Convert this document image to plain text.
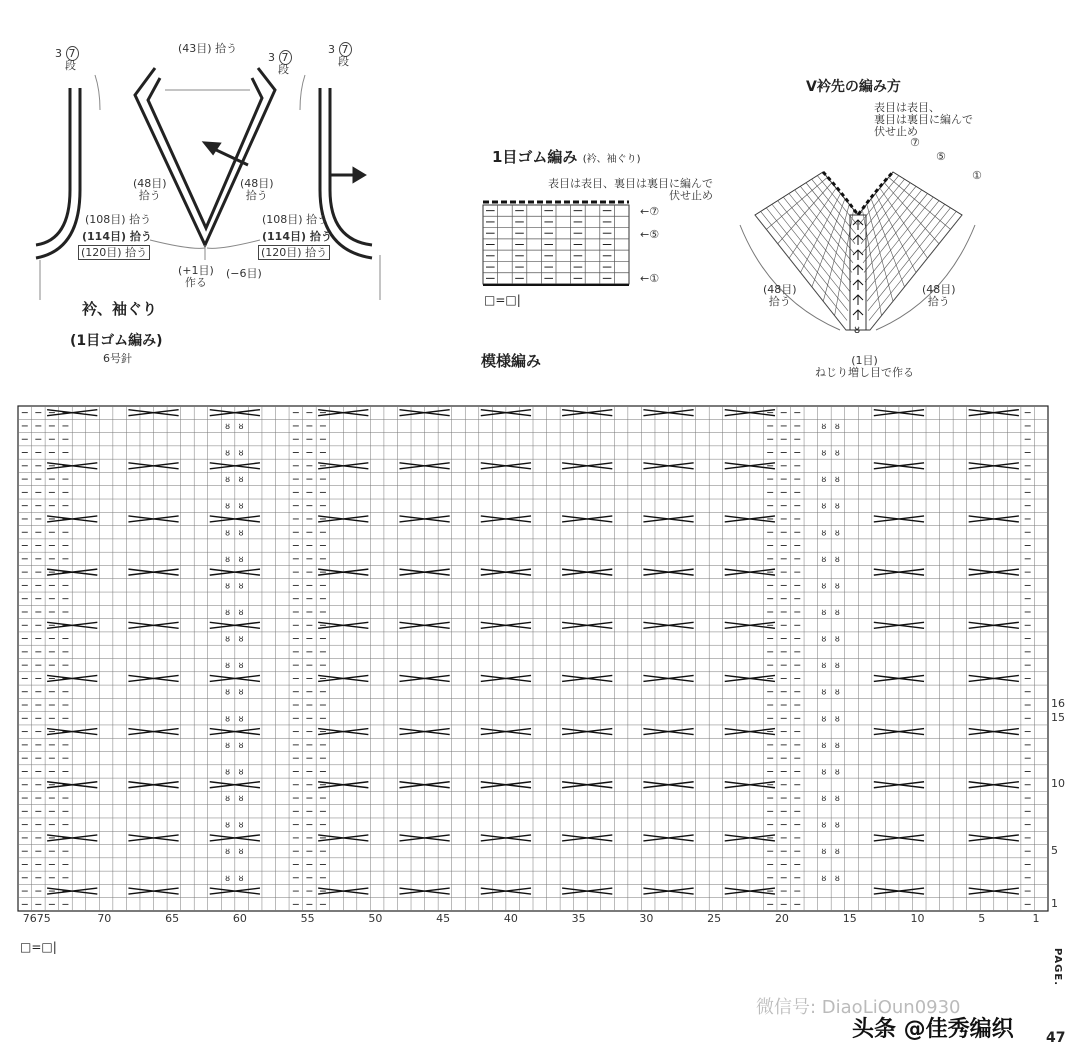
(43目) 拾う
3 7
段
3 7
段
3 7
段
(48目)
拾う
(48目)
拾う
(108目) 拾う
(114目) 拾う
(120目) 拾う
(108目) 拾う
(114目) 拾う
(120目) 拾う
(+1目)
作る
(−6目)
衿、袖ぐり
(1目ゴム編み)
6号針
1目ゴム編み (衿、袖ぐり)
表目は表目、裏目は裏目に編んで
伏せ止め
←⑦
←⑤
←①
□=□|
V衿先の編み方
表目は表目、
裏目は裏目に編んで
伏せ止め
⑦
⑤
①
ȣ
(48目)
拾う
(48目)
拾う
(1目)
ねじり増し目で作る
模様編み
ȣ
ȣ
ȣ
ȣ
ȣ
ȣ
ȣ
ȣ
ȣ
ȣ
ȣ
ȣ
ȣ
ȣ
ȣ
ȣ
ȣ
ȣ
ȣ
ȣ
ȣ
ȣ
ȣ
ȣ
ȣ
ȣ
ȣ
ȣ
ȣ
ȣ
ȣ
ȣ
ȣ
ȣ
ȣ
ȣ
ȣ
ȣ
ȣ
ȣ
ȣ
ȣ
ȣ
ȣ
ȣ
ȣ
ȣ
ȣ
ȣ
ȣ
ȣ
ȣ
ȣ
ȣ
ȣ
ȣ
ȣ
ȣ
ȣ
ȣ
ȣ
ȣ
ȣ
ȣ
ȣ
ȣ
ȣ
ȣ
ȣ
ȣ
ȣ
ȣ
7675	70	65	60	55	50	45	40	35	30	25	20	15	10	5	1
1
5
10
15
16
□=□|
PAGE.
47
微信号: DiaoLiOun0930
头条 @佳秀编织
